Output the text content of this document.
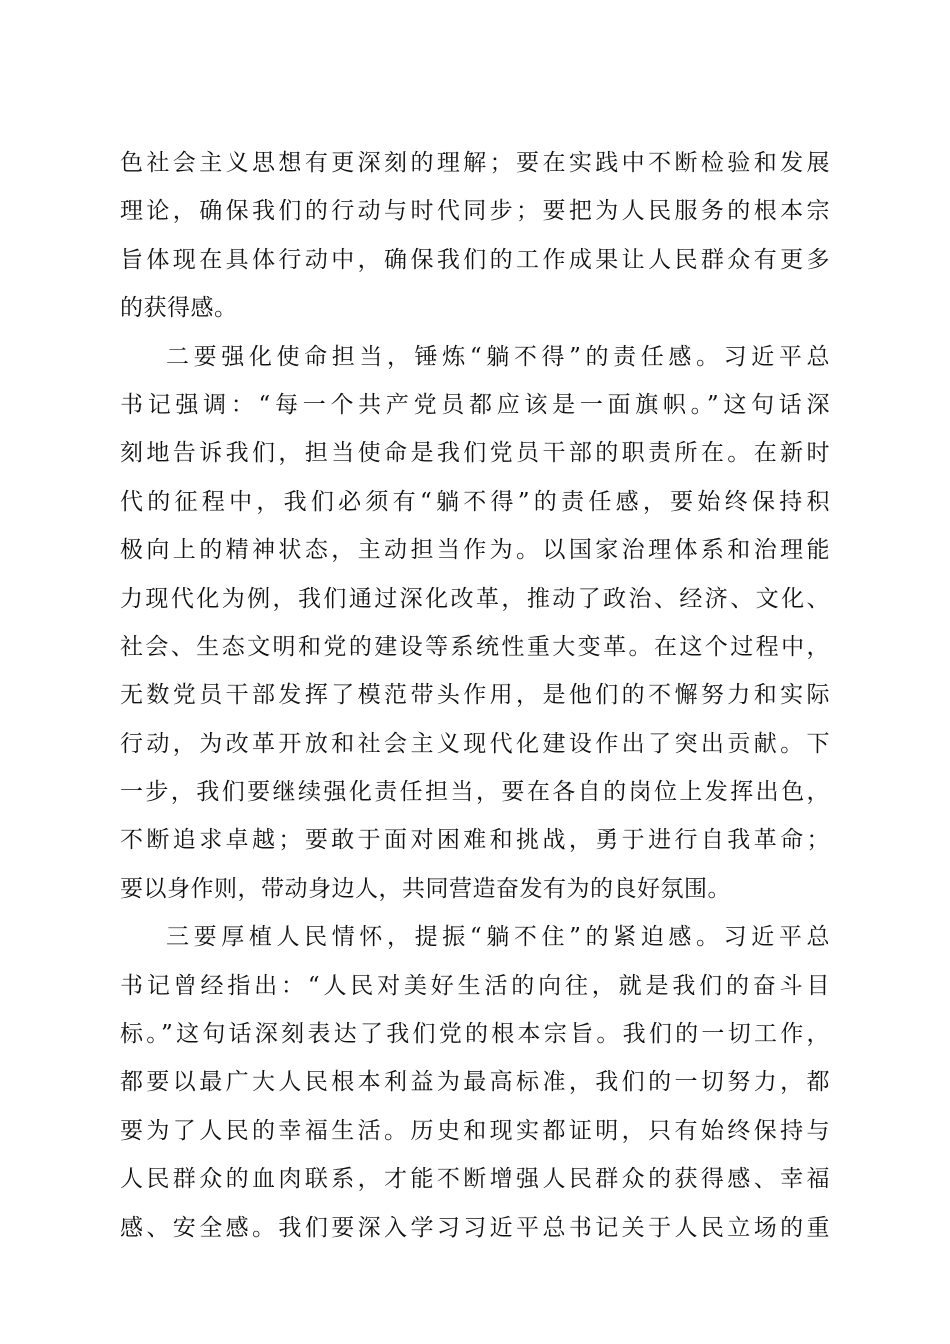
色社会主义思想有更深刻的理解；要在实践中不断检验和发展
理论，确保我们的行动与时代同步；要把为人民服务的根本宗
旨体现在具体行动中，确保我们的工作成果让人民群众有更多
的获得感。
二要强化使命担当，锤炼“躺不得”的责任感。习近平总
书记强调：“每一个共产党员都应该是一面旗帜。”这句话深
刻地告诉我们，担当使命是我们党员干部的职责所在。在新时
代的征程中，我们必须有“躺不得”的责任感，要始终保持积
极向上的精神状态，主动担当作为。以国家治理体系和治理能
力现代化为例，我们通过深化改革，推动了政治、经济、文化、
社会、生态文明和党的建设等系统性重大变革。在这个过程中，
无数党员干部发挥了模范带头作用，是他们的不懈努力和实际
行动，为改革开放和社会主义现代化建设作出了突出贡献。下
一步，我们要继续强化责任担当，要在各自的岗位上发挥出色，
不断追求卓越；要敢于面对困难和挑战，勇于进行自我革命；
要以身作则，带动身边人，共同营造奋发有为的良好氛围。
三要厚植人民情怀，提振“躺不住”的紧迫感。习近平总
书记曾经指出：“人民对美好生活的向往，就是我们的奋斗目
标。”这句话深刻表达了我们党的根本宗旨。我们的一切工作，
都要以最广大人民根本利益为最高标准，我们的一切努力，都
要为了人民的幸福生活。历史和现实都证明，只有始终保持与
人民群众的血肉联系，才能不断增强人民群众的获得感、幸福
感、安全感。我们要深入学习习近平总书记关于人民立场的重
